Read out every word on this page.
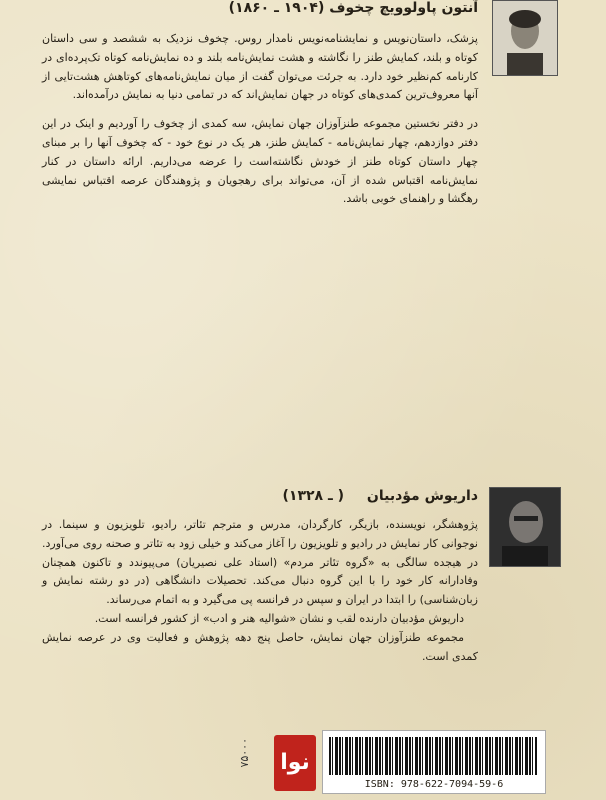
آنتون پاولوویچ چخوف (۱۹۰۴ ـ ۱۸۶۰)

پزشک، داستان‌نویس و نمایشنامه‌نویس نامدار روس. چخوف نزدیک به ششصد و سی داستان کوتاه و بلند، کمایش طنز را نگاشته و هشت نمایش‌نامه بلند و ده نمایش‌نامه کوتاه تک‌پرده‌ای در کارنامه کم‌نظیر خود دارد. به جرئت می‌توان گفت از میان نمایش‌نامه‌های کوتاهش هشت‌تایی از آنها معروف‌ترین کمدی‌های کوتاه در جهان نمایش‌اند که در تمامی دنیا به نمایش درآمده‌اند.

در دفتر نخستین مجموعه طنزآوزان جهان نمایش، سه کمدی از چخوف را آوردیم و اینک در این دفتر دوازدهم، چهار نمایش‌نامه - کمایش طنز، هر یک در نوع خود - که چخوف آنها را بر مبنای چهار داستان کوتاه طنز از خودش نگاشته‌است را عرضه می‌داریم. ارائه داستان در کنار نمایش‌نامه اقتباس شده از آن، می‌تواند برای رهجویان و پژوهندگان عرصه اقتباس نمایشی رهگشا و راهنمای خوبی باشد.

داریوش مؤدبیان ( ـ ۱۳۲۸)

پژوهشگر، نویسنده، بازیگر، کارگردان، مدرس و مترجم تئاتر، رادیو، تلویزیون و سینما. در نوجوانی کار نمایش در رادیو و تلویزیون را آغاز می‌کند و خیلی زود به تئاتر و صحنه روی می‌آورد. در هیجده سالگی به «گروه تئاتر مردم» (استاد علی نصیریان) می‌پیوندد و تاکنون همچنان وفادارانه کار خود را با این گروه دنبال می‌کند. تحصیلات دانشگاهی (در دو رشته نمایش و زبان‌شناسی) را ابتدا در ایران و سپس در فرانسه پی می‌گیرد و به اتمام می‌رساند.

داریوش مؤدبیان دارنده لقب و نشان «شوالیه هنر و ادب» از کشور فرانسه است.

مجموعه طنزآوزان جهان نمایش، حاصل پنج دهه پژوهش و فعالیت وی در عرصه نمایش کمدی است.

۷۵۰۰۰ نوا
ISBN: 978-622-7094-59-6
